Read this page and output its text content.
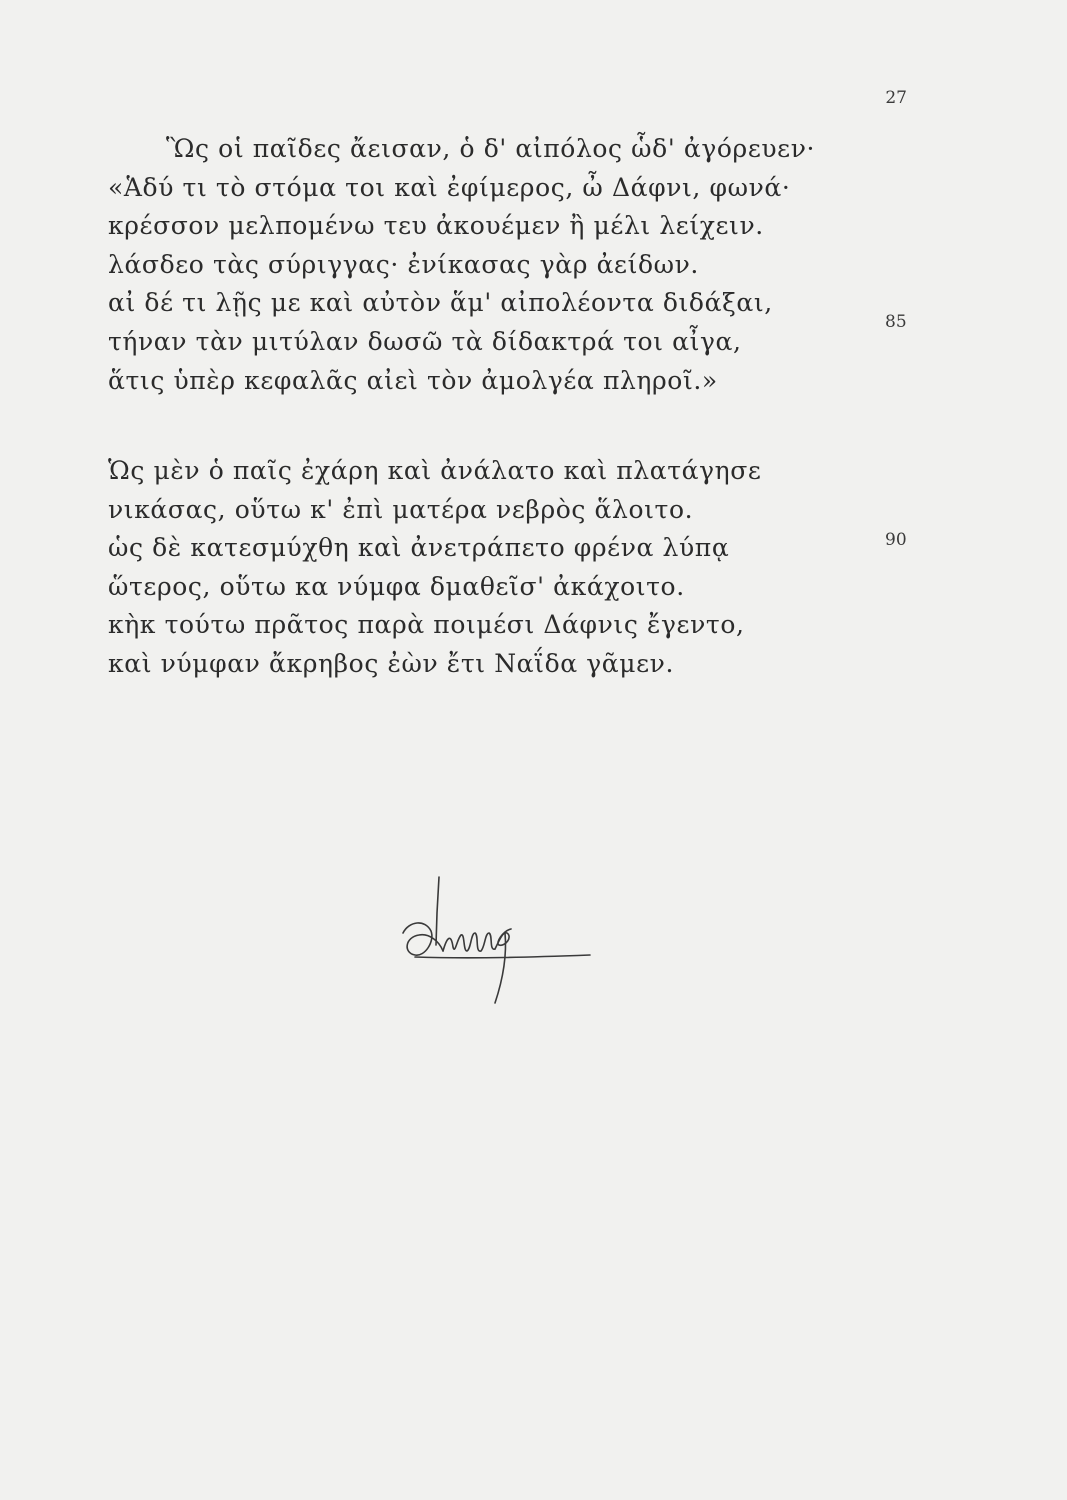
27
Ὣς οἱ παῖδες ἄεισαν, ὁ δ' αἰπόλος ὧδ' ἀγόρευεν·
«Ἁδύ τι τὸ στόμα τοι καὶ ἐφίμερος, ὦ Δάφνι, φωνά·
κρέσσον μελπομένω τευ ἀκουέμεν ἢ μέλι λείχειν.
λάσδεο τὰς σύριγγας· ἐνίκασας γὰρ ἀείδων.
αἰ δέ τι λῇς με καὶ αὐτὸν ἅμ' αἰπολέοντα διδάξαι,
τήναν τὰν μιτύλαν δωσῶ τὰ δίδακτρά τοι αἶγα,
ἅτις ὑπὲρ κεφαλᾶς αἰεὶ τὸν ἀμολγέα πληροῖ.»
85
Ὡς μὲν ὁ παῖς ἐχάρη καὶ ἀνάλατο καὶ πλατάγησε
νικάσας, οὕτω κ' ἐπὶ ματέρα νεβρὸς ἅλοιτο.
ὡς δὲ κατεσμύχθη καὶ ἀνετράπετο φρένα λύπᾳ
ὥτερος, οὕτω κα νύμφα δμαθεῖσ' ἀκάχοιτο.
κὴκ τούτω πρᾶτος παρὰ ποιμέσι Δάφνις ἔγεντο,
καὶ νύμφαν ἄκρηβος ἐὼν ἔτι Ναΐδα γᾶμεν.
90
